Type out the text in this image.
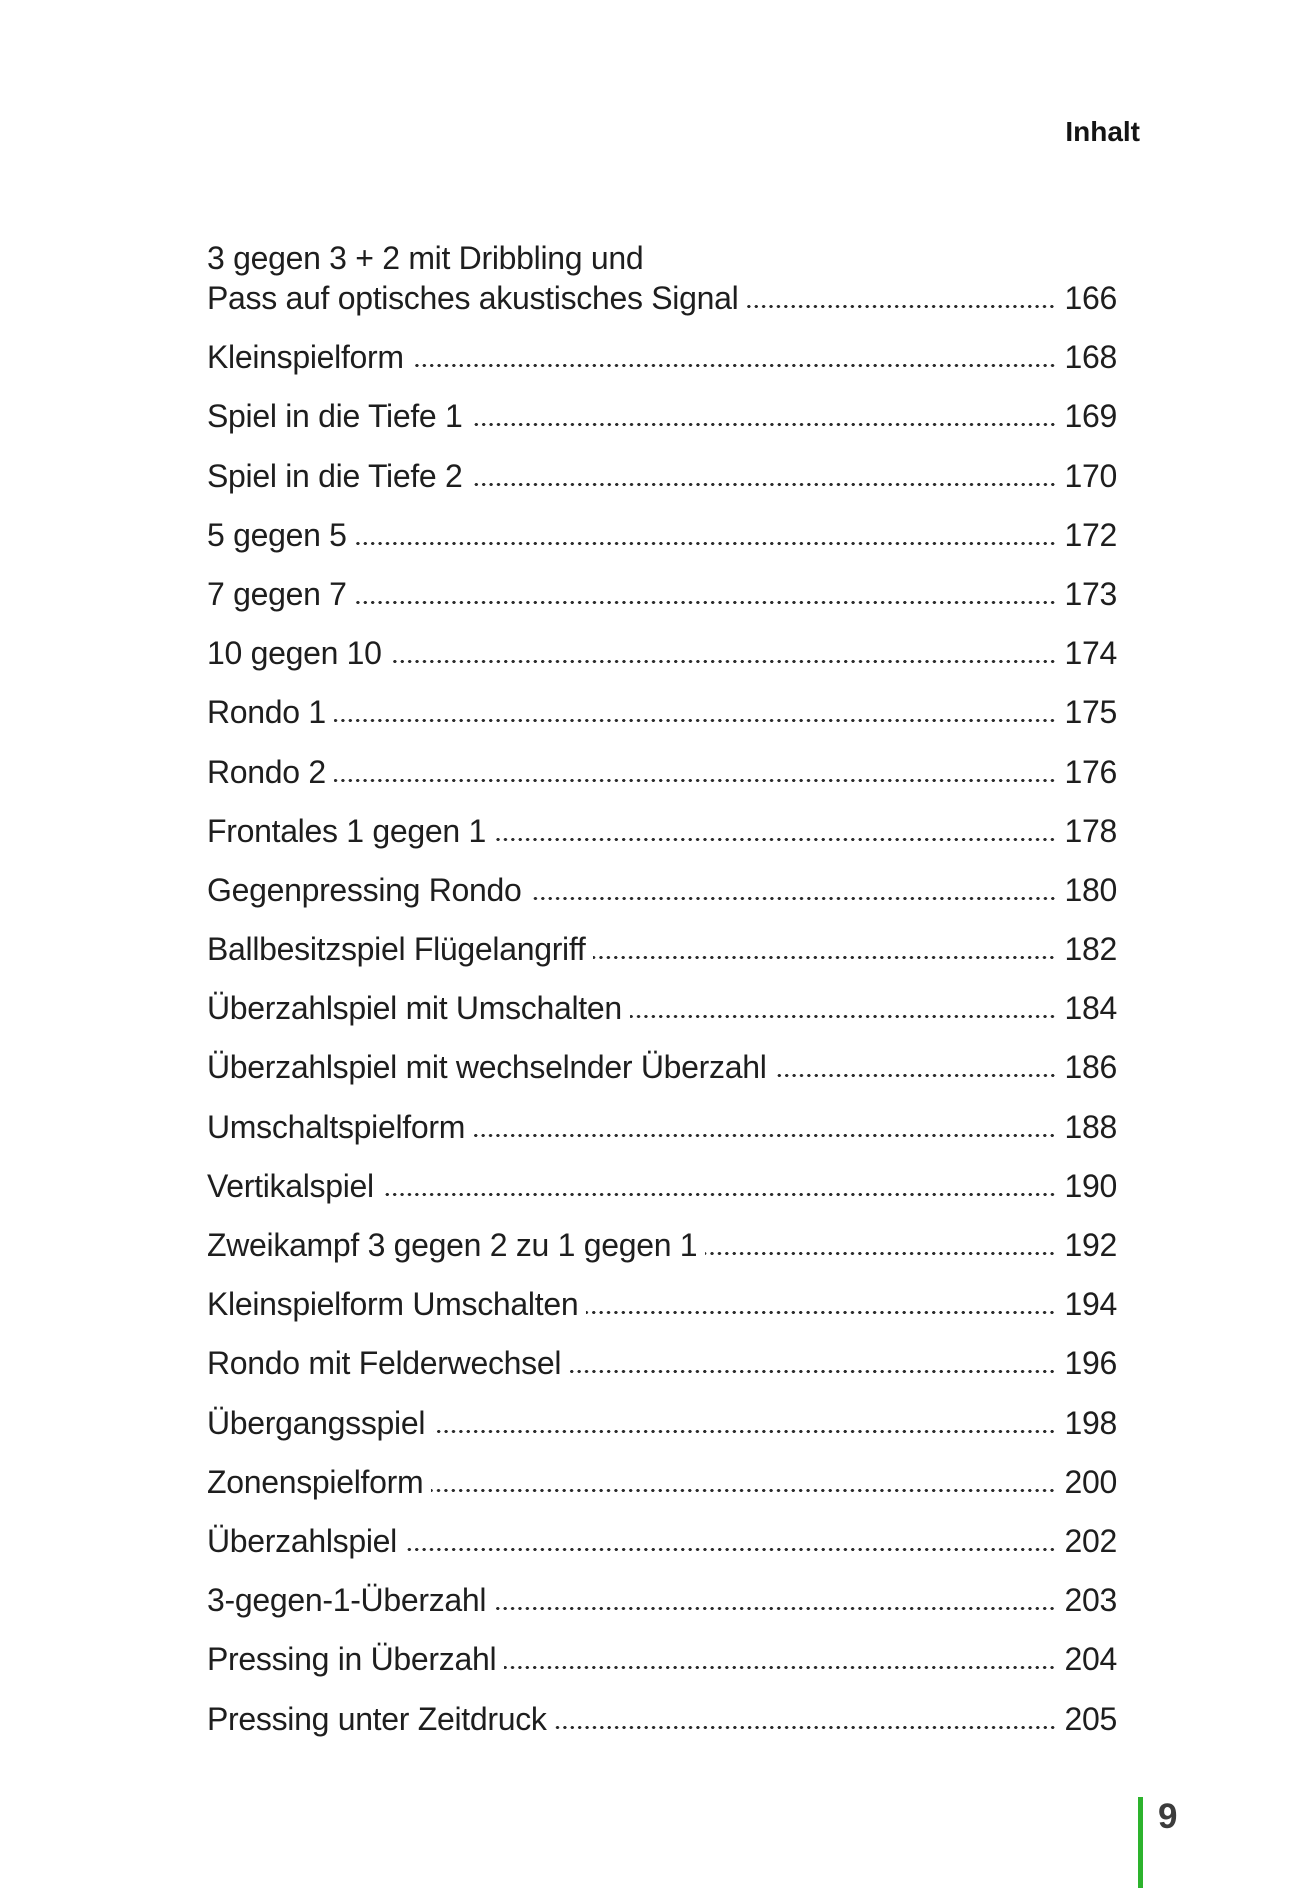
Inhalt
3 gegen 3 + 2 mit Dribbling und
Pass auf optisches akustisches Signal	166
Kleinspielform	168
Spiel in die Tiefe 1	169
Spiel in die Tiefe 2	170
5 gegen 5	172
7 gegen 7	173
10 gegen 10	174
Rondo 1	175
Rondo 2	176
Frontales 1 gegen 1	178
Gegenpressing Rondo	180
Ballbesitzspiel Flügelangriff	182
Überzahlspiel mit Umschalten	184
Überzahlspiel mit wechselnder Überzahl	186
Umschaltspielform	188
Vertikalspiel	190
Zweikampf 3 gegen 2 zu 1 gegen 1	192
Kleinspielform Umschalten	194
Rondo mit Felderwechsel	196
Übergangsspiel	198
Zonenspielform	200
Überzahlspiel	202
3-gegen-1-Überzahl	203
Pressing in Überzahl	204
Pressing unter Zeitdruck	205
9
